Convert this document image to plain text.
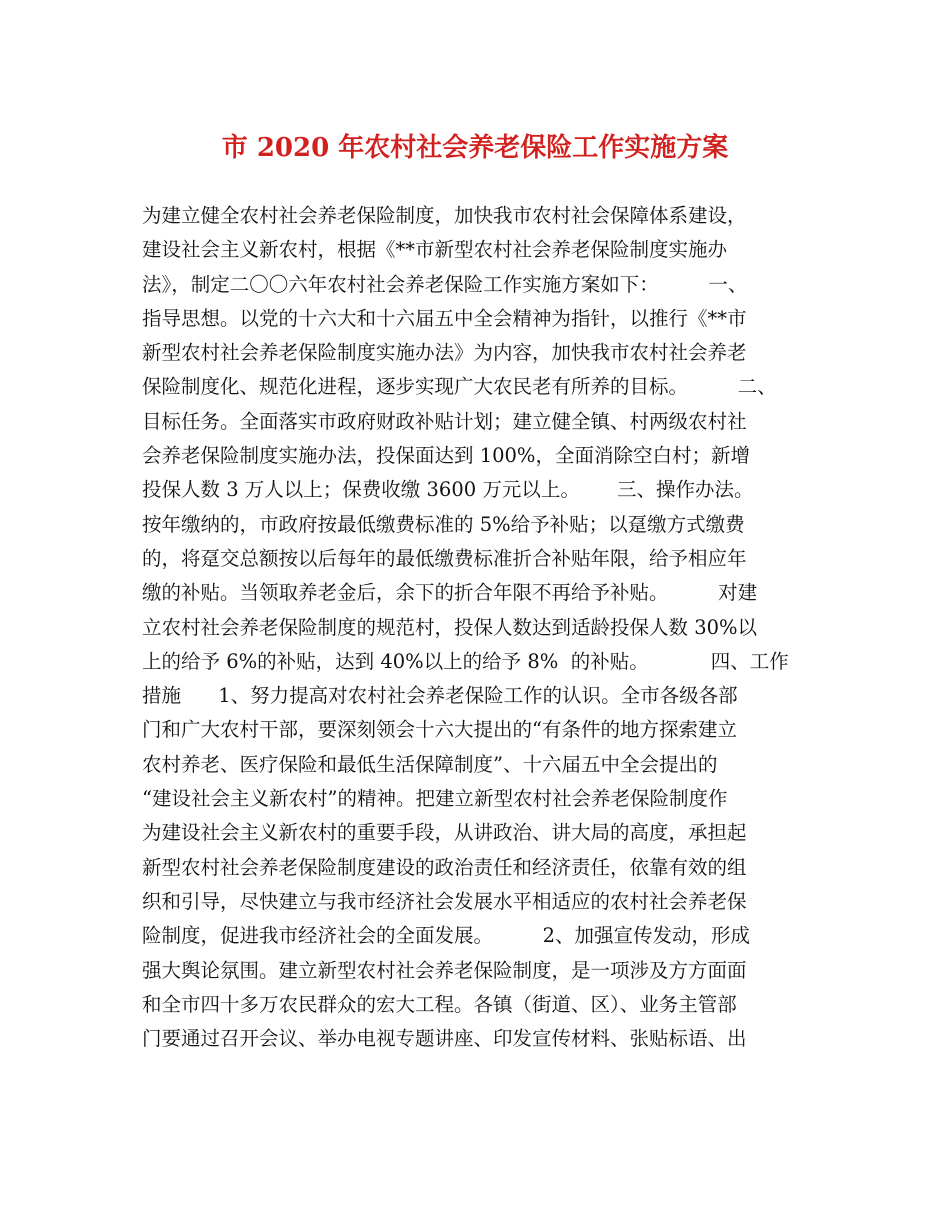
市 2020 年农村社会养老保险工作实施方案
为建立健全农村社会养老保险制度，加快我市农村社会保障体系建设，
建设社会主义新农村，根据《**市新型农村社会养老保险制度实施办
法》，制定二〇〇六年农村社会养老保险工作实施方案如下：        一、
指导思想。以党的十六大和十六届五中全会精神为指针，以推行《**市
新型农村社会养老保险制度实施办法》为内容，加快我市农村社会养老
保险制度化、规范化进程，逐步实现广大农民老有所养的目标。        二、
目标任务。全面落实市政府财政补贴计划；建立健全镇、村两级农村社
会养老保险制度实施办法，投保面达到 100%，全面消除空白村；新增
投保人数 3 万人以上；保费收缴 3600 万元以上。      三、操作办法。
按年缴纳的，市政府按最低缴费标准的 5%给予补贴；以趸缴方式缴费
的，将趸交总额按以后每年的最低缴费标准折合补贴年限，给予相应年
缴的补贴。当领取养老金后，余下的折合年限不再给予补贴。        对建
立农村社会养老保险制度的规范村，投保人数达到适龄投保人数 30%以
上的给予 6%的补贴，达到 40%以上的给予 8%  的补贴。          四、工作
措施      1、努力提高对农村社会养老保险工作的认识。全市各级各部
门和广大农村干部，要深刻领会十六大提出的“有条件的地方探索建立
农村养老、医疗保险和最低生活保障制度”、十六届五中全会提出的
“建设社会主义新农村”的精神。把建立新型农村社会养老保险制度作
为建设社会主义新农村的重要手段，从讲政治、讲大局的高度，承担起
新型农村社会养老保险制度建设的政治责任和经济责任，依靠有效的组
织和引导，尽快建立与我市经济社会发展水平相适应的农村社会养老保
险制度，促进我市经济社会的全面发展。        2、加强宣传发动，形成
强大舆论氛围。建立新型农村社会养老保险制度，是一项涉及方方面面
和全市四十多万农民群众的宏大工程。各镇（街道、区）、业务主管部
门要通过召开会议、举办电视专题讲座、印发宣传材料、张贴标语、出
